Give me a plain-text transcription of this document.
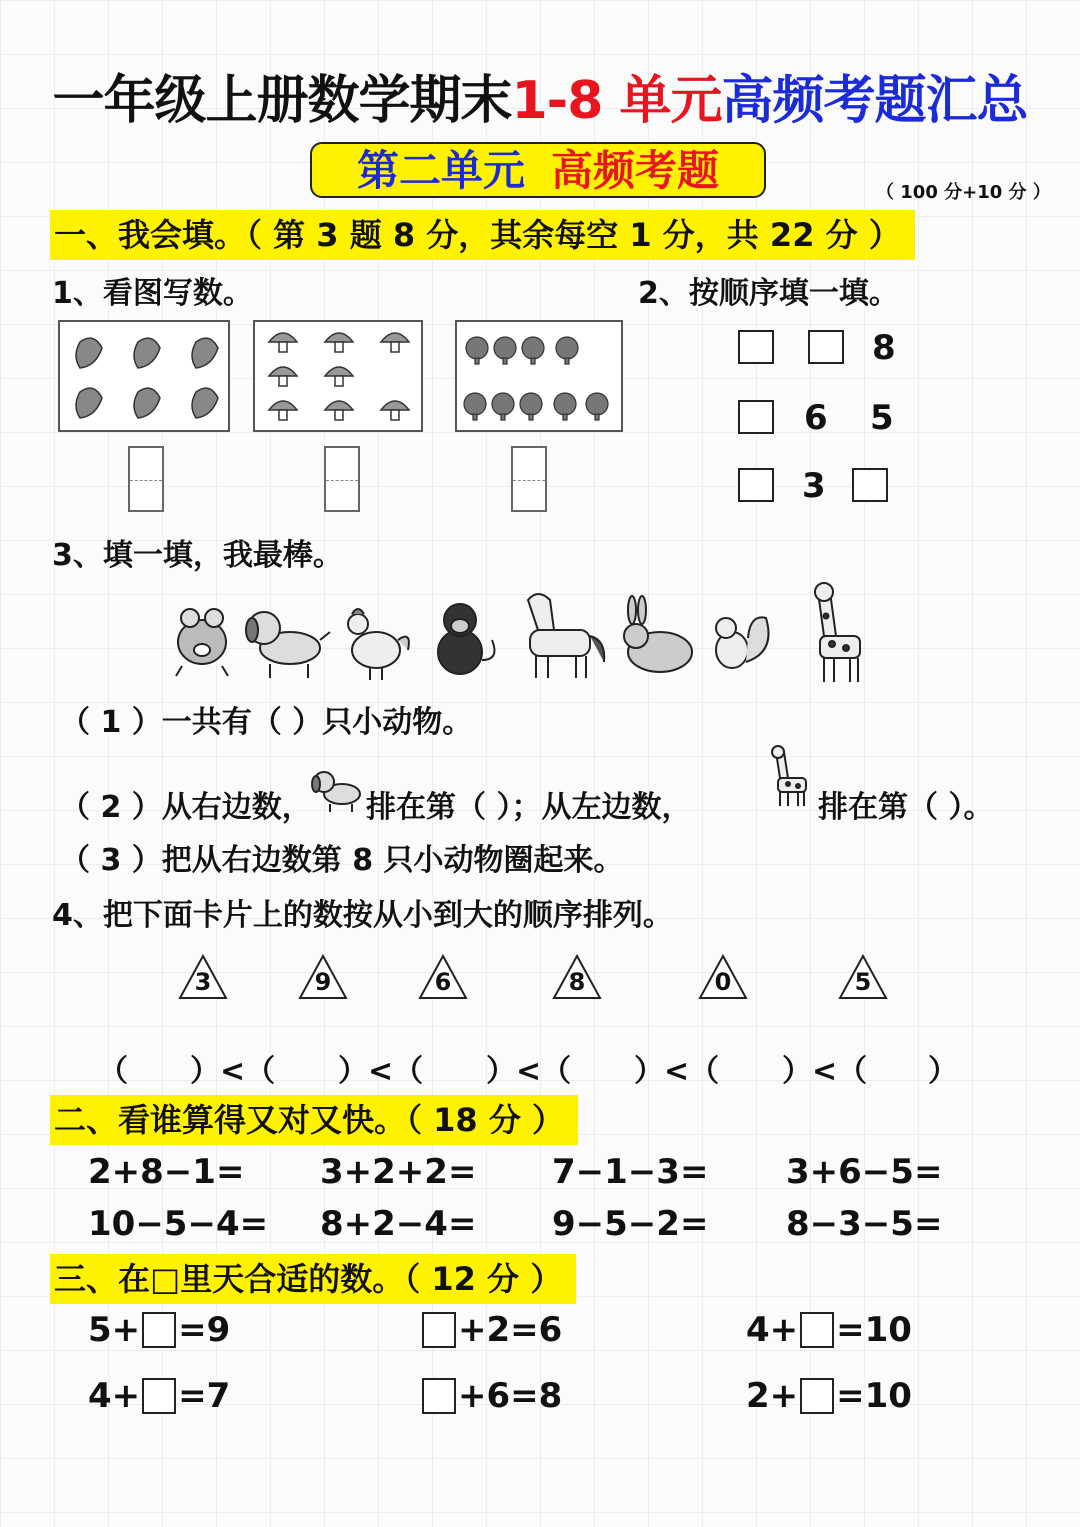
一年级上册数学期末1-8 单元高频考题汇总
第二单元 高频考题	（ 100 分+10 分 ）
一、我会填。（ 第 3 题 8 分，其余每空 1 分，共 22 分 ）
1、看图写数。	2、按顺序填一填。
8
6 5
3
3、填一填，我最棒。
（ 1 ）一共有（ ）只小动物。
（ 2 ）从右边数， 排在第（ ）；从左边数，	排在第（ ）。
（ 3 ）把从右边数第 8 只小动物圈起来。
4、把下面卡片上的数按从小到大的顺序排列。
3	9	6	8	0	5
（ ）<（ ）<（ ）<（ ）<（ ）<（ ）
二、看谁算得又对又快。（ 18 分 ）
2+8−1= 3+2+2= 7−1−3= 3+6−5=
10−5−4= 8+2−4= 9−5−2= 8−3−5=
三、在□里天合适的数。（ 12 分 ）
5+ =9	+2=6	4+ =10
4+ =7	+6=8	2+ =10
